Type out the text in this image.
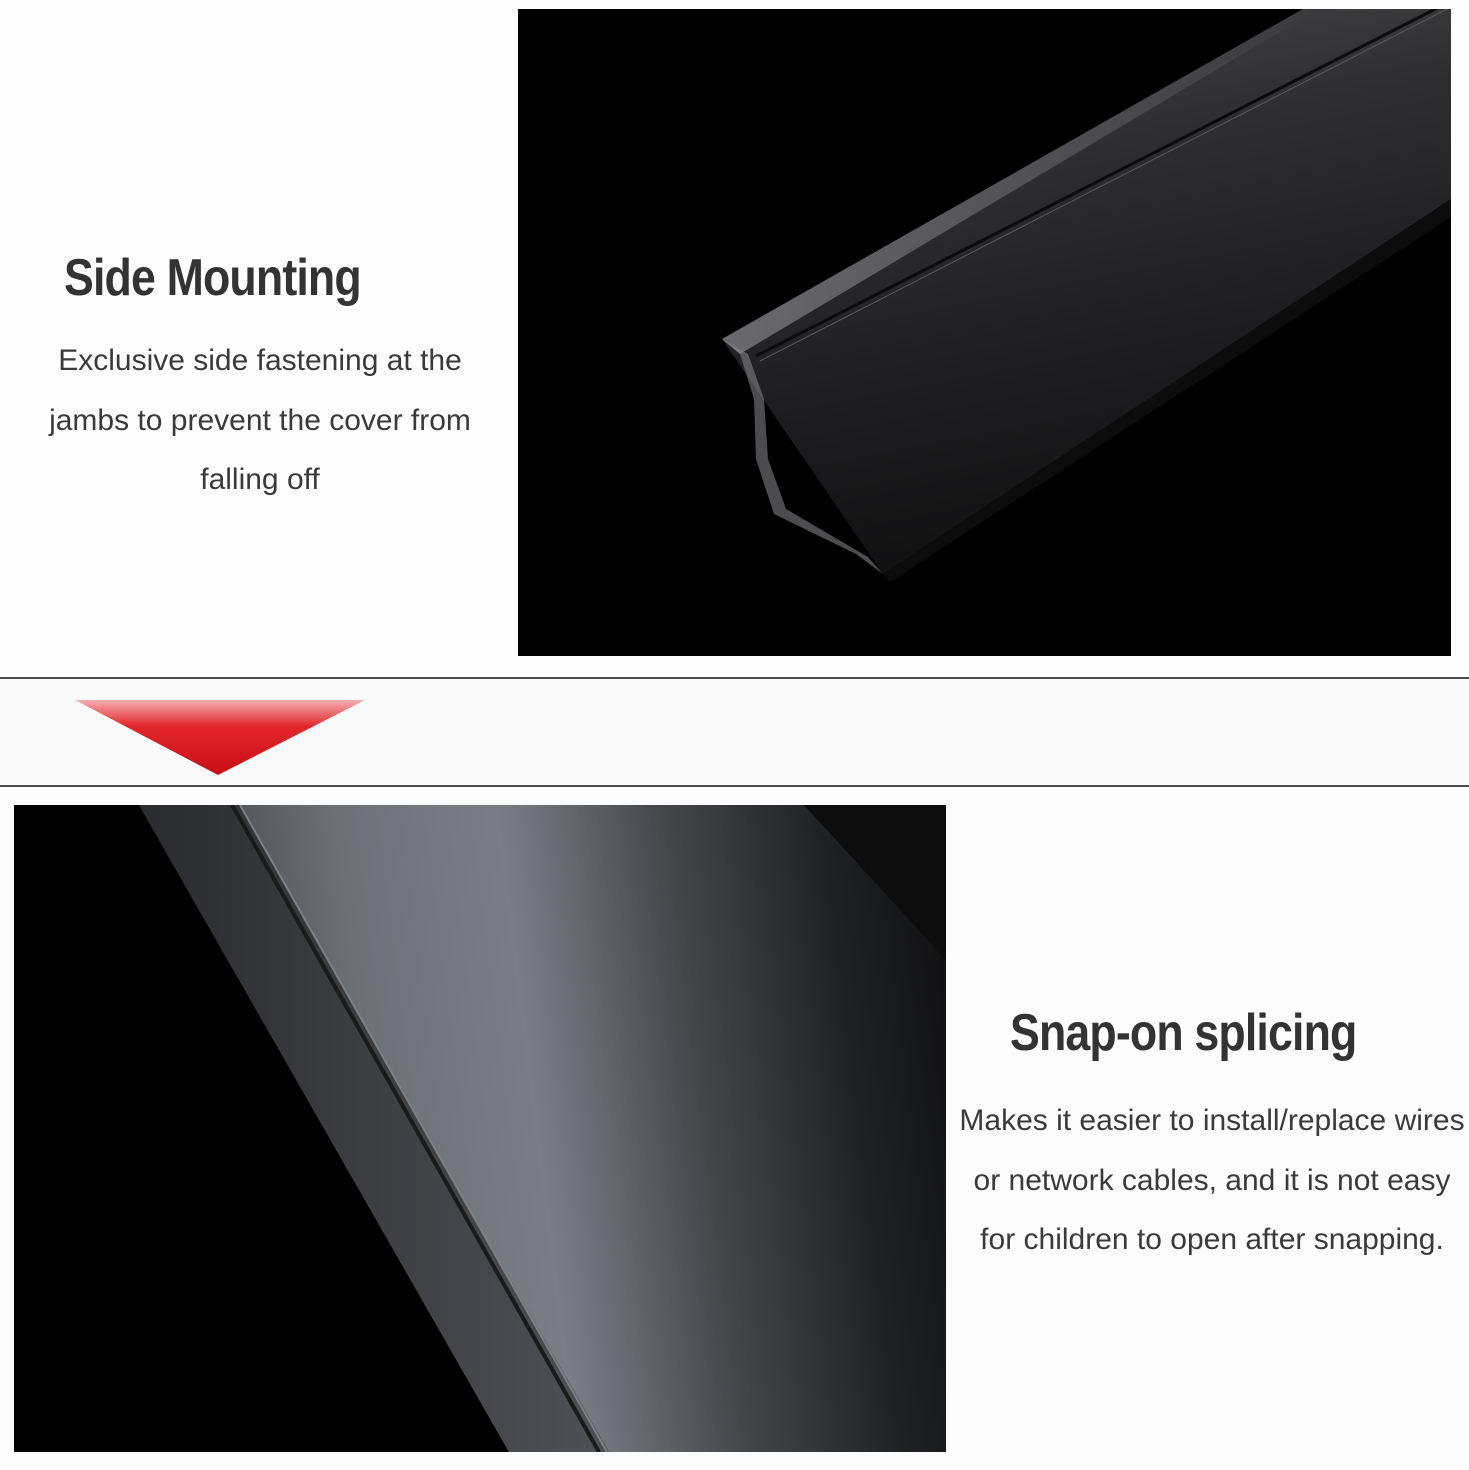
Side Mounting

Exclusive side fastening at the jambs to prevent the cover from falling off

Snap-on splicing

Makes it easier to install/replace wires or network cables, and it is not easy for children to open after snapping.
